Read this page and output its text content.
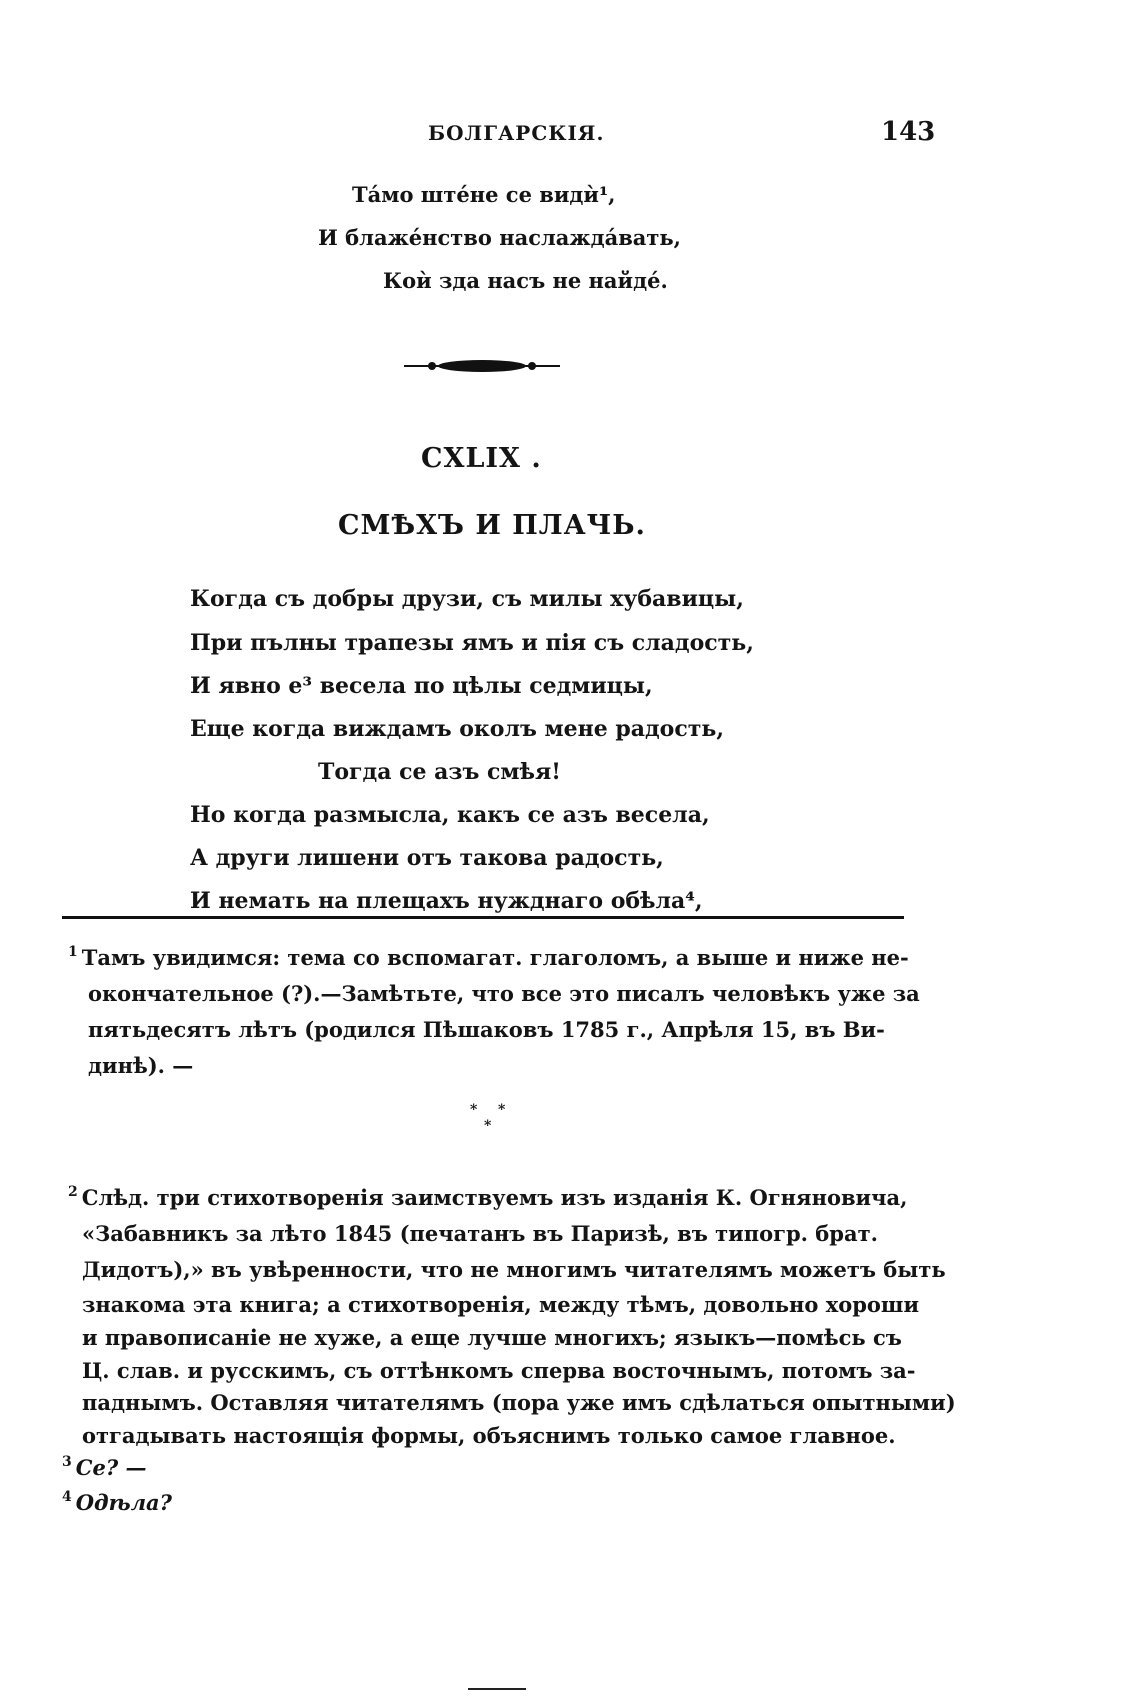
БОЛГАРСКІЯ.	143
Тáмо штéне се видѝ¹,
И блажéнство наслаждáвать,
Коѝ зда насъ не найдé.
CXLIX .
СМѢХЪ И ПЛАЧЬ.
Когда съ добры друзи, съ милы хубавицы,
При пълны трапезы ямъ и пія съ сладость,
И явно е³ весела по цѣлы седмицы,
Еще когда виждамъ околъ мене радость,
Тогда се азъ смѣя!
Но когда размысла, какъ се азъ весела,
А други лишени отъ такова радость,
И немать на плещахъ нужднаго обѣла⁴,
$^1$ Тамъ увидимся: тема со вспомагат. глаголомъ, а выше и ниже не-
окончательное (?).—Замѣтьте, что все это писалъ человѣкъ уже за
пятьдесятъ лѣтъ (родился Пѣшаковъ 1785 г., Апрѣля 15, въ Ви-
динѣ). —
* *
*
$^2$ Слѣд. три стихотворенія заимствуемъ изъ изданія К. Огняновича,
«Забавникъ за лѣто 1845 (печатанъ въ Паризѣ, въ типогр. брат.
Дидотъ),» въ увѣренности, что не многимъ читателямъ можетъ быть
знакома эта книга; а стихотворенія, между тѣмъ, довольно хороши
и правописаніе не хуже, а еще лучше многихъ; языкъ—помѣсь съ
Ц. слав. и русскимъ, съ оттѣнкомъ сперва восточнымъ, потомъ за-
паднымъ. Оставляя читателямъ (пора уже имъ сдѣлаться опытными)
отгадывать настоящія формы, объяснимъ только самое главное.
$^3$ Се? —
$^4$ Одѣла?
